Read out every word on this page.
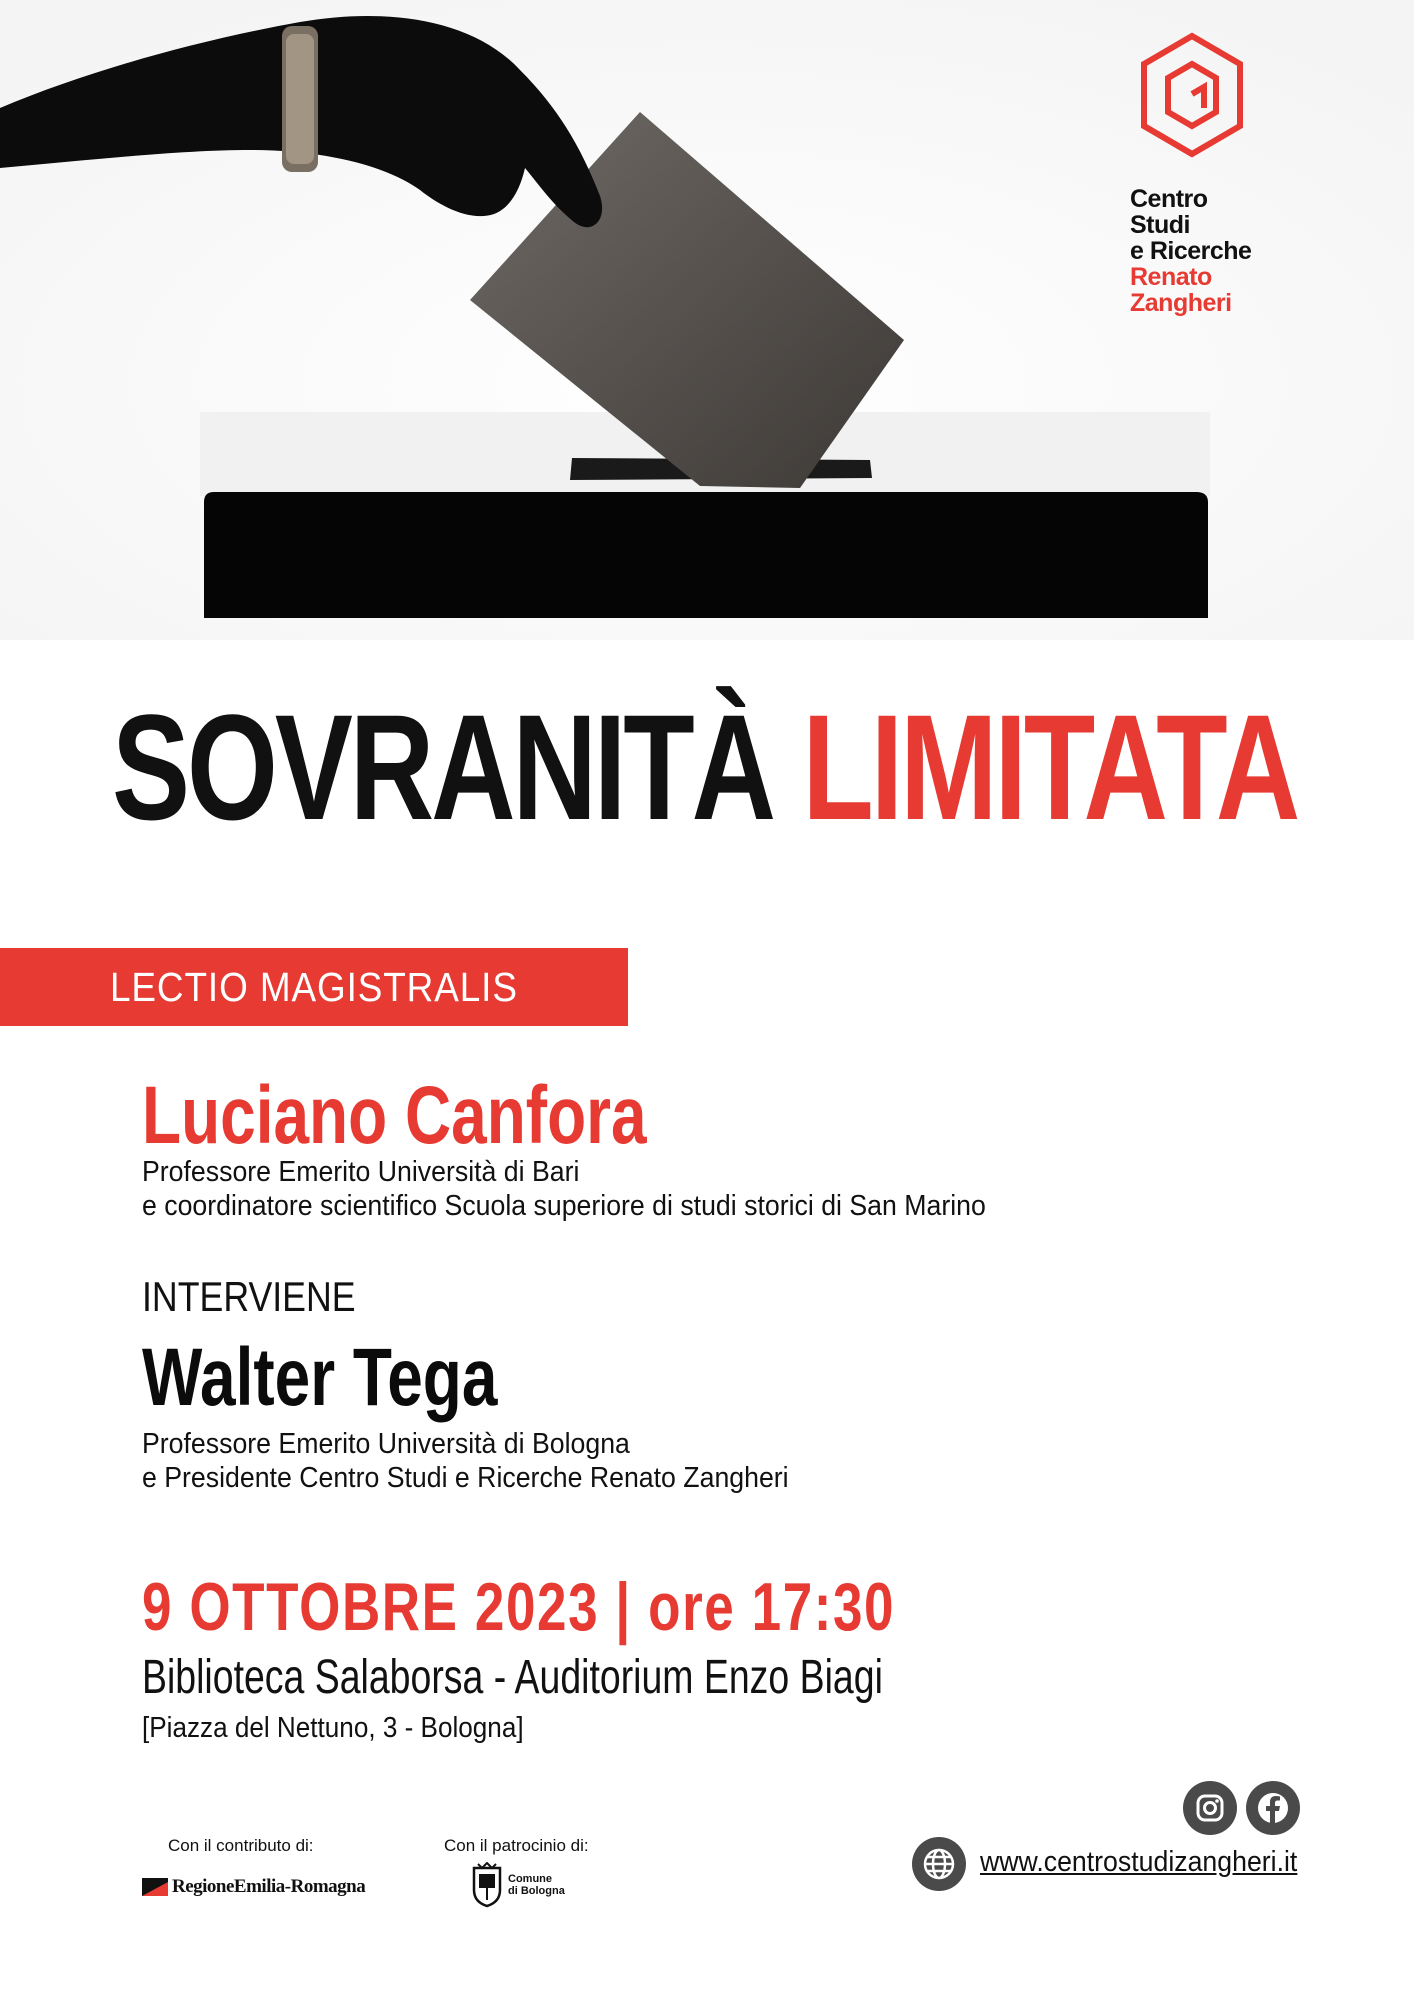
Centro
Studi
e Ricerche
Renato
Zangheri
SOVRANITÀ LIMITATA
LECTIO MAGISTRALIS
Luciano Canfora
Professore Emerito Università di Bari
e coordinatore scientifico Scuola superiore di studi storici di San Marino
INTERVIENE
Walter Tega
Professore Emerito Università di Bologna
e Presidente Centro Studi e Ricerche Renato Zangheri
9 OTTOBRE 2023 | ore 17:30
Biblioteca Salaborsa - Auditorium Enzo Biagi
[Piazza del Nettuno, 3 - Bologna]
Con il contributo di:
RegioneEmilia-Romagna
Con il patrocinio di:
Comune
di Bologna
www.centrostudizangheri.it
